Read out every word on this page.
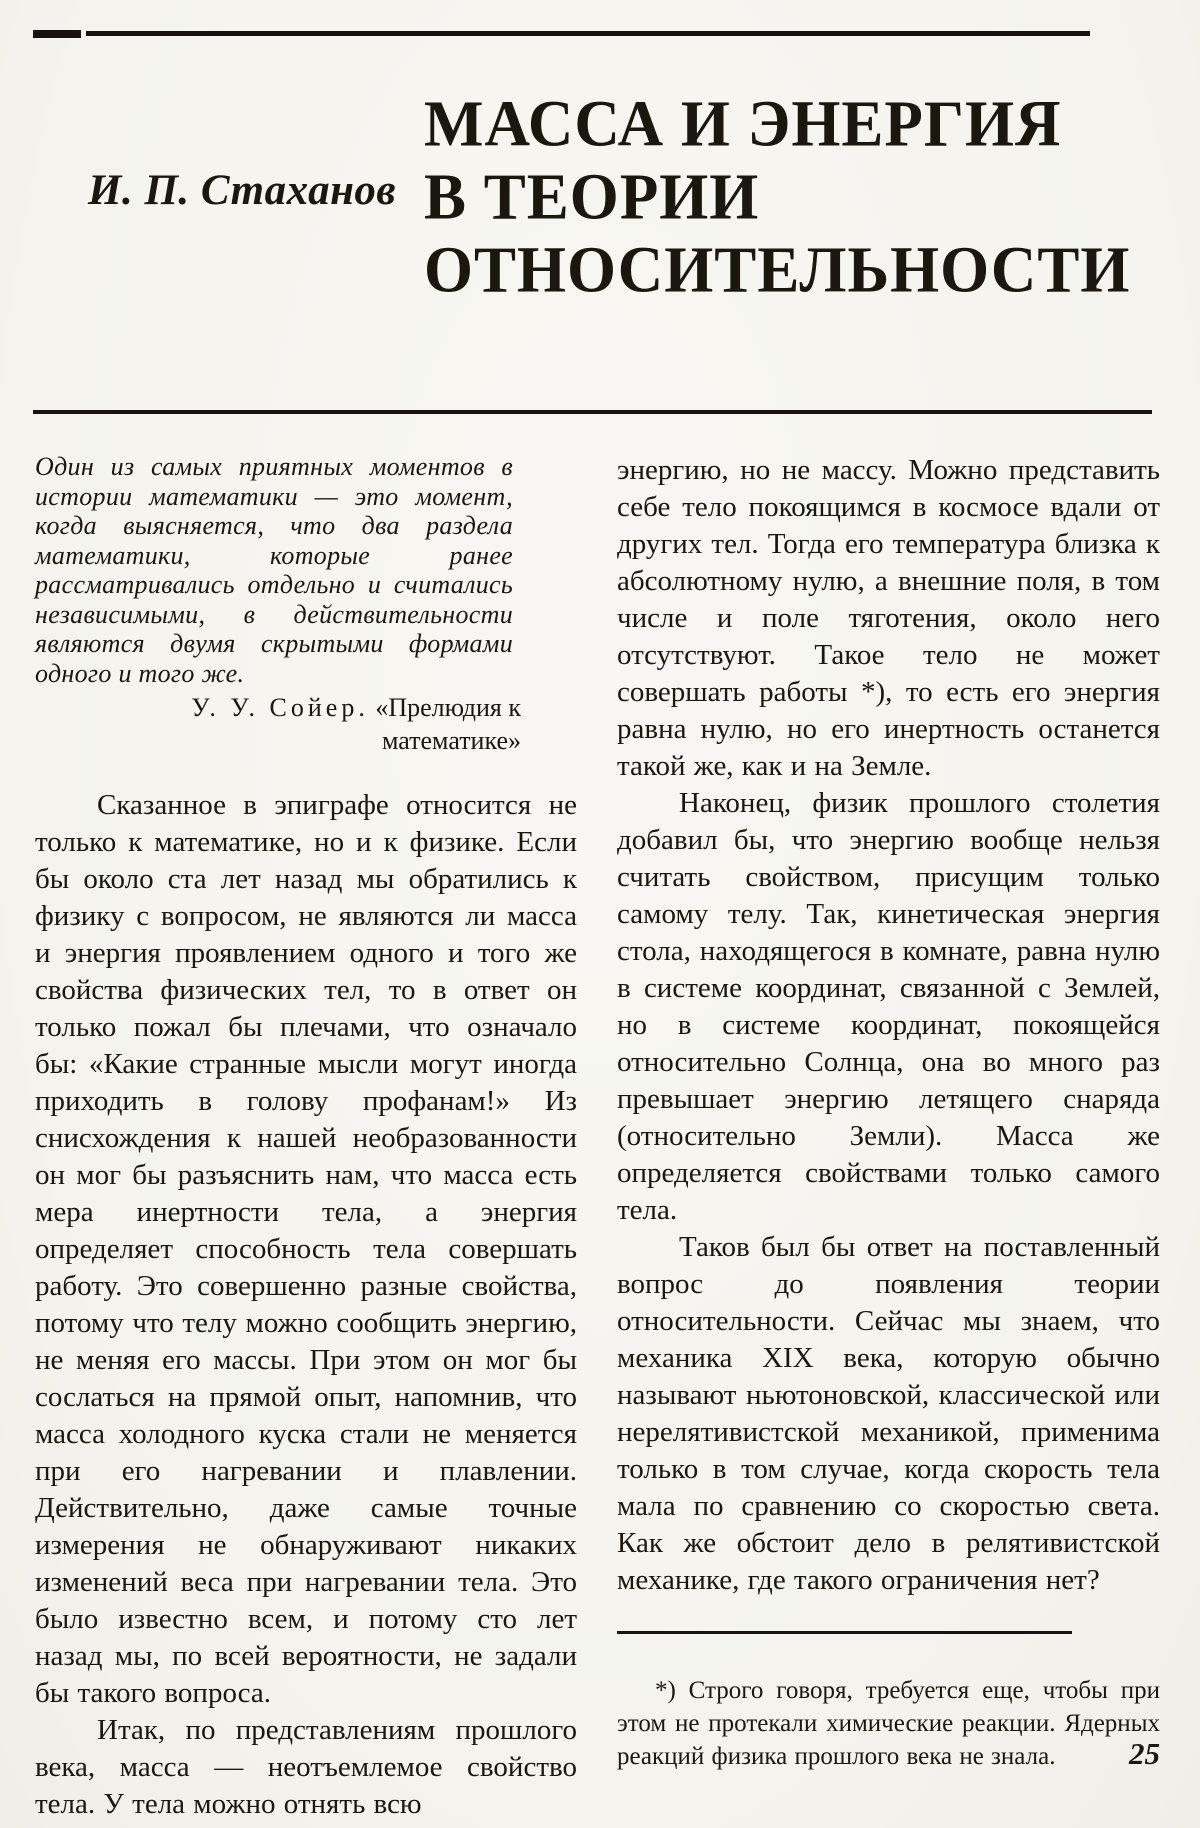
И. П. Стаханов
МАССА И ЭНЕРГИЯ
В ТЕОРИИ
ОТНОСИТЕЛЬНОСТИ

Один из самых приятных моментов в истории математики — это момент, когда выясняется, что два раздела математики, которые ранее рассматривались отдельно и считались независимыми, в действительности являются двумя скрытыми формами одного и того же.

У. У. Сойер. «Прелюдия к
математике»

Сказанное в эпиграфе относится не только к математике, но и к физике. Если бы около ста лет назад мы обратились к физику с вопросом, не являются ли масса и энергия проявлением одного и того же свойства физических тел, то в ответ он только пожал бы плечами, что означало бы: «Какие странные мысли могут иногда приходить в голову профанам!» Из снисхождения к нашей необразованности он мог бы разъяснить нам, что масса есть мера инертности тела, а энергия определяет способность тела совершать работу. Это совершенно разные свойства, потому что телу можно сообщить энергию, не меняя его массы. При этом он мог бы сослаться на прямой опыт, напомнив, что масса холодного куска стали не меняется при его нагревании и плавлении. Действительно, даже самые точные измерения не обнаруживают никаких изменений веса при нагревании тела. Это было известно всем, и потому сто лет назад мы, по всей вероятности, не задали бы такого вопроса.

Итак, по представлениям прошлого века, масса — неотъемлемое свойство тела. У тела можно отнять всю

энергию, но не массу. Можно представить себе тело покоящимся в космосе вдали от других тел. Тогда его температура близка к абсолютному нулю, а внешние поля, в том числе и поле тяготения, около него отсутствуют. Такое тело не может совершать работы *), то есть его энергия равна нулю, но его инертность останется такой же, как и на Земле.

Наконец, физик прошлого столетия добавил бы, что энергию вообще нельзя считать свойством, присущим только самому телу. Так, кинетическая энергия стола, находящегося в комнате, равна нулю в системе координат, связанной с Землей, но в системе координат, покоящейся относительно Солнца, она во много раз превышает энергию летящего снаряда (относительно Земли). Масса же определяется свойствами только самого тела.

Таков был бы ответ на поставленный вопрос до появления теории относительности. Сейчас мы знаем, что механика XIX века, которую обычно называют ньютоновской, классической или нерелятивистской механикой, применима только в том случае, когда скорость тела мала по сравнению со скоростью света. Как же обстоит дело в релятивистской механике, где такого ограничения нет?

*) Строго говоря, требуется еще, чтобы при этом не протекали химические реакции. Ядерных реакций физика прошлого века не знала.	25
